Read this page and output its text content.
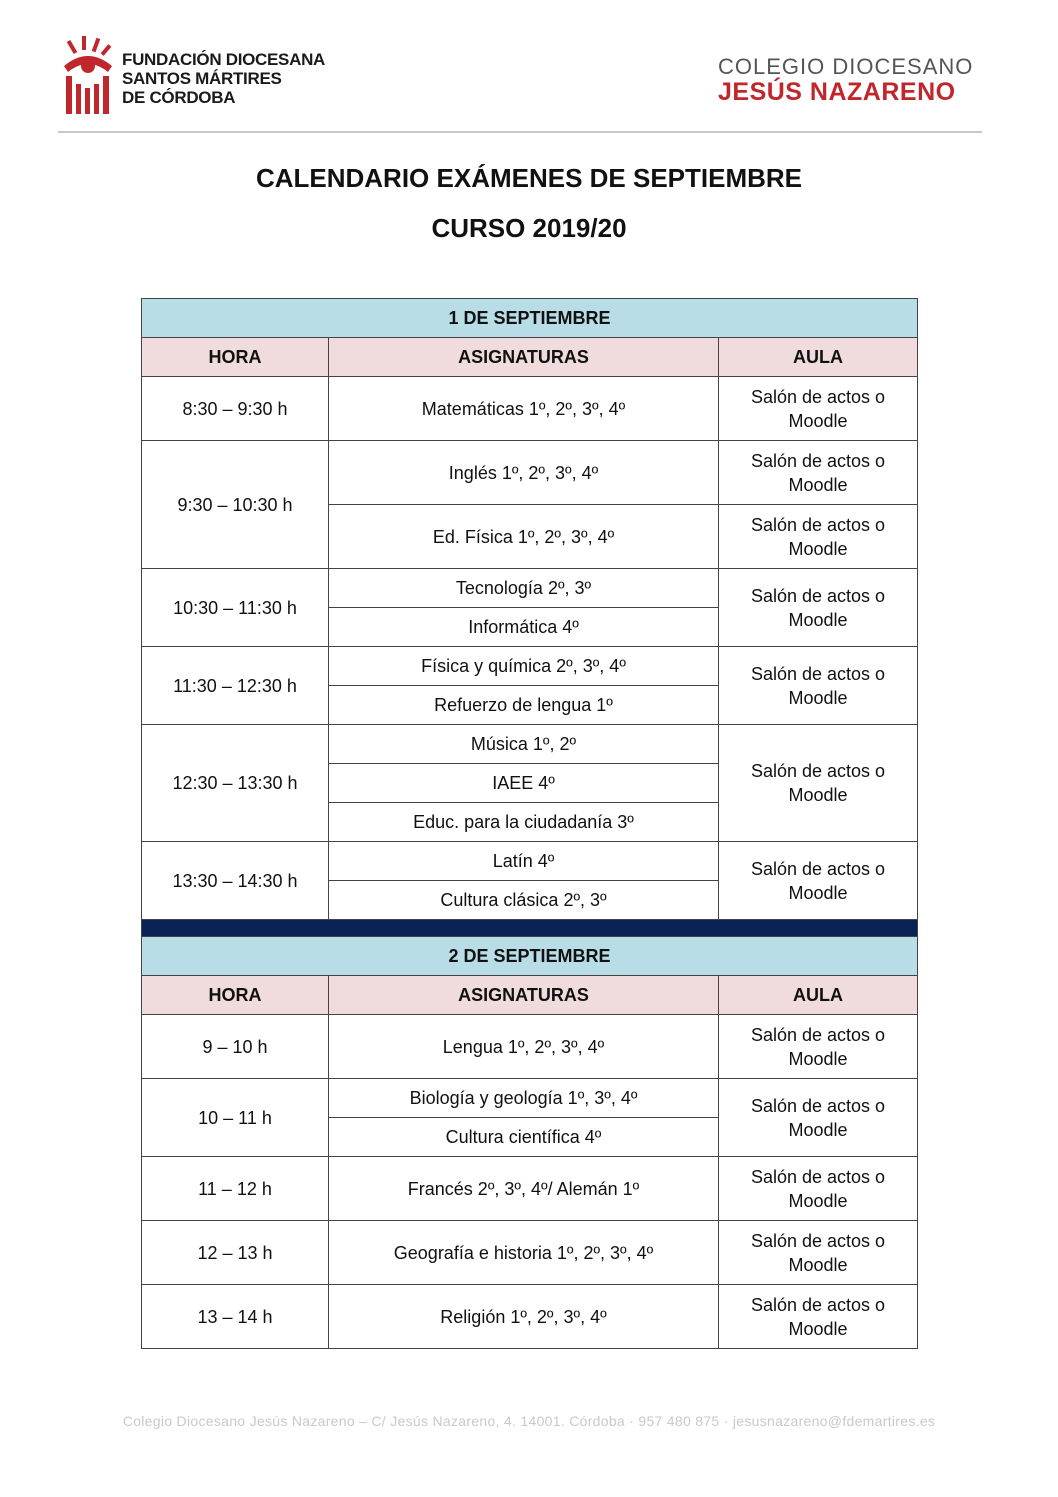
FUNDACIÓN DIOCESANA
SANTOS MÁRTIRES
DE CÓRDOBA
COLEGIO DIOCESANO
JESÚS NAZARENO
CALENDARIO EXÁMENES DE SEPTIEMBRE
CURSO 2019/20
1 DE SEPTIEMBRE		
HORA	ASIGNATURAS	AULA
8:30 – 9:30 h	Matemáticas 1º, 2º, 3º, 4º	Salón de actos o Moodle
9:30 – 10:30 h	Inglés 1º, 2º, 3º, 4º	Salón de actos o Moodle
	Ed. Física 1º, 2º, 3º, 4º	Salón de actos o Moodle
10:30 – 11:30 h	Tecnología 2º, 3º	Salón de actos o Moodle
	Informática 4º	
11:30 – 12:30 h	Física y química 2º, 3º, 4º	Salón de actos o Moodle
	Refuerzo de lengua 1º	
12:30 – 13:30 h	Música 1º, 2º	Salón de actos o Moodle
	IAEE 4º	
	Educ. para la ciudadanía 3º	
13:30 – 14:30 h	Latín 4º	Salón de actos o Moodle
	Cultura clásica 2º, 3º	

2 DE SEPTIEMBRE		
HORA	ASIGNATURAS	AULA
9 – 10 h	Lengua 1º, 2º, 3º, 4º	Salón de actos o Moodle
10 – 11 h	Biología y geología 1º, 3º, 4º	Salón de actos o Moodle
	Cultura científica 4º	
11 – 12 h	Francés 2º, 3º, 4º/ Alemán 1º	Salón de actos o Moodle
12 – 13 h	Geografía e historia 1º, 2º, 3º, 4º	Salón de actos o Moodle
13 – 14 h	Religión 1º, 2º, 3º, 4º	Salón de actos o Moodle
Colegio Diocesano Jesús Nazareno – C/ Jesús Nazareno, 4. 14001. Córdoba · 957 480 875 · jesusnazareno@fdemartires.es
